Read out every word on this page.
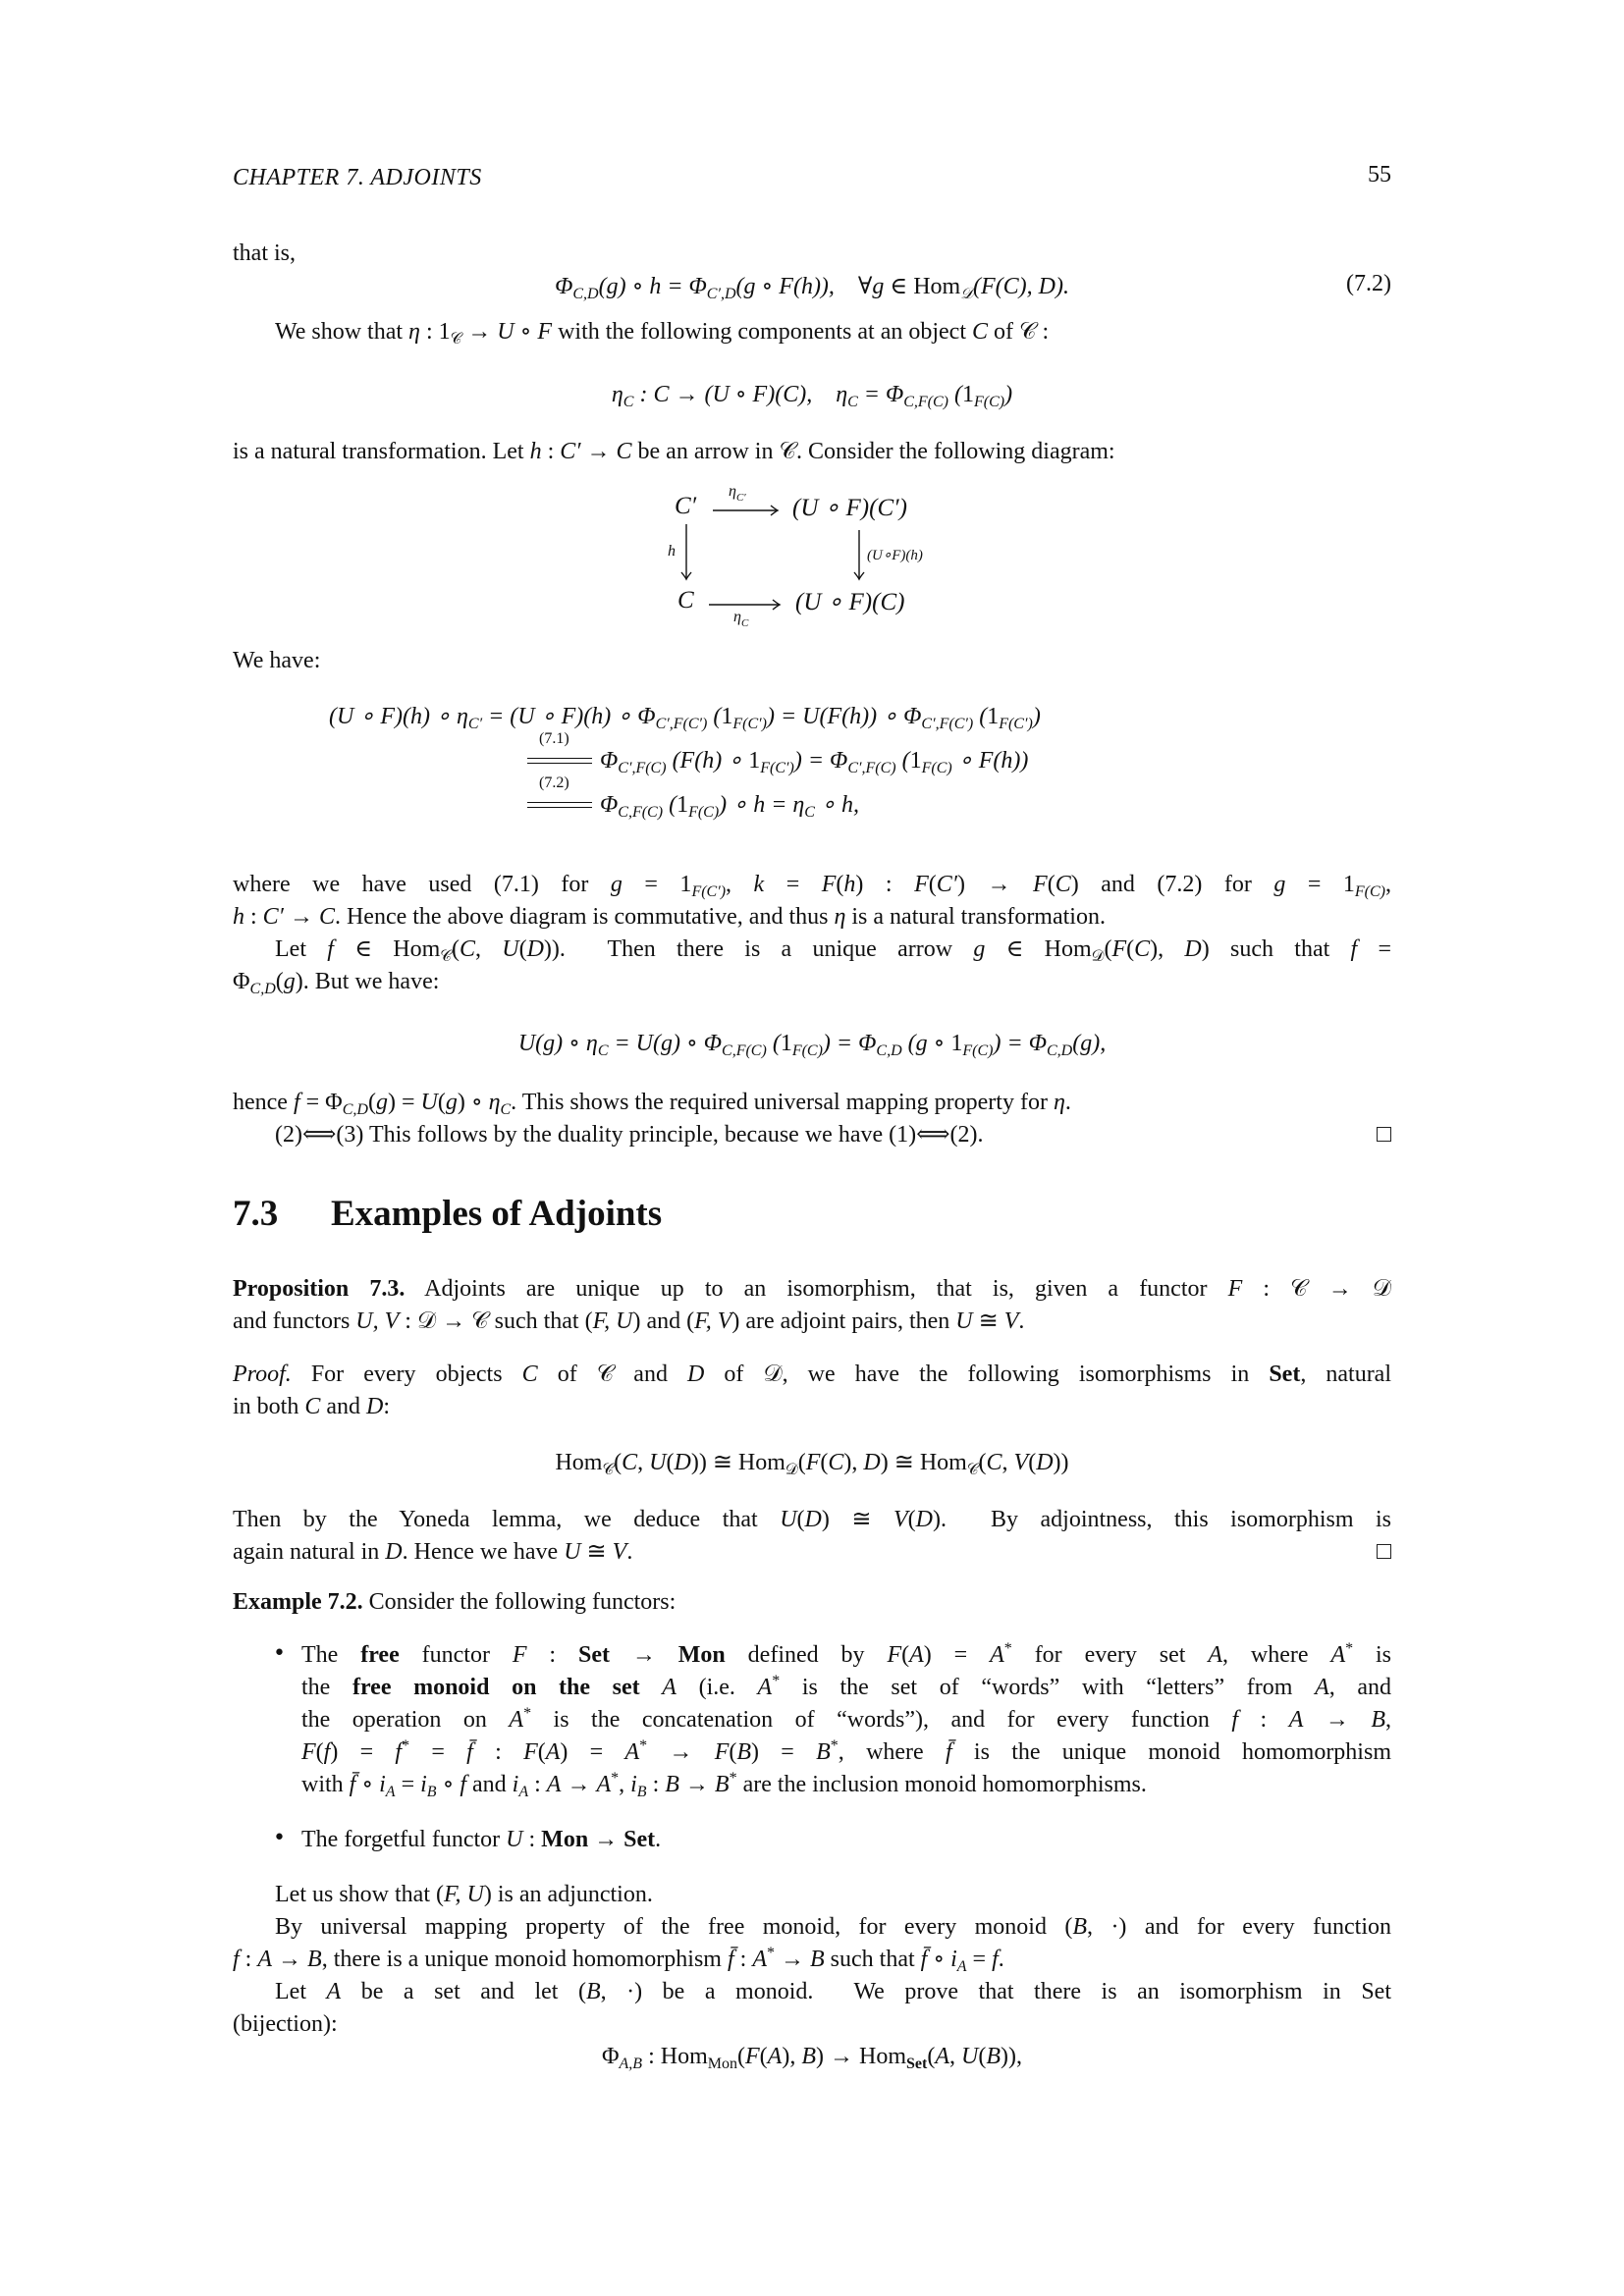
CHAPTER 7. ADJOINTS	55
that is,
$\Phi_{C,D}(g)$ ∘ $h = \Phi_{C',D}(g$ ∘ F(h)),    ∀g ∈ Hom$_𝒟$(F(C), D).	(7.2)
We show that η : $1_𝒞 \to U$ ∘ F with the following components at an object C of 𝒞 :
$\eta_C$ : C → (U ∘ F)(C),    $\eta_C = \Phi_{C,F(C)}$ $(1_{F(C)})$
is a natural transformation. Let h : C′ → C be an arrow in 𝒞. Consider the following diagram:
C′	(U ∘ F)(C′)
C	(U ∘ F)(C)
$\eta_{C'}$
$\eta_C$
h	(U∘F)(h)
We have:
(U ∘ F)(h) ∘ $\eta_{C'} = (U$ ∘ F)(h) ∘ $\Phi_{C',F(C')}$ $(1_{F(C')}) = U(F(h))$ ∘ $\Phi_{C',F(C')}$ $(1_{F(C')})$
(7.1)
$\Phi_{C',F(C)}$ (F(h) ∘ $1_{F(C')}) = \Phi_{C',F(C)}$ ($1_{F(C)}$ ∘ F(h))
(7.2)
$\Phi_{C,F(C)}$ $(1_{F(C)})$ ∘ $h = \eta_C$ ∘ h,
where we have used (7.1) for $g = 1_{F(C')}$, k = F(h) : F(C′) → F(C) and (7.2) for $g = 1_{F(C)}$,
h : C′ → C. Hence the above diagram is commutative, and thus η is a natural transformation.
Let f ∈ Hom$_𝒞$(C, U(D)).  Then there is a unique arrow g ∈ Hom$_𝒟$(F(C), D) such that f =
$\Phi_{C,D}(g)$. But we have:
U(g) ∘ $\eta_C = U(g)$ ∘ $\Phi_{C,F(C)}$ $(1_{F(C)}) = \Phi_{C,D}$ (g ∘ $1_{F(C)}) = \Phi_{C,D}(g)$,
hence $f = \Phi_{C,D}(g) = U(g)$ ∘ $\eta_C$. This shows the required universal mapping property for η.
(2)⟺(3) This follows by the duality principle, because we have (1)⟺(2).
7.3 Examples of Adjoints
Proposition 7.3. Adjoints are unique up to an isomorphism, that is, given a functor F : 𝒞 → 𝒟
and functors U, V : 𝒟 → 𝒞 such that (F, U) and (F, V) are adjoint pairs, then U ≅ V.
Proof. For every objects C of 𝒞 and D of 𝒟, we have the following isomorphisms in Set, natural
in both C and D:
Hom$_𝒞$(C, U(D)) ≅ Hom$_𝒟$(F(C), D) ≅ Hom$_𝒞$(C, V(D))
Then by the Yoneda lemma, we deduce that U(D) ≅ V(D).  By adjointness, this isomorphism is
again natural in D. Hence we have U ≅ V.
Example 7.2. Consider the following functors:
• The free functor F : Set → Mon defined by F(A) = A* for every set A, where A* is
the free monoid on the set A (i.e. A* is the set of “words” with “letters” from A, and
the operation on A* is the concatenation of “words”), and for every function f : A → B,
F(f) = f* = f̄ : F(A) = A* → F(B) = B*, where f̄ is the unique monoid homomorphism
with f̄ ∘ $i_A = i_B$ ∘ f and $i_A$ : A → A*, $i_B$ : B → B* are the inclusion monoid homomorphisms.
• The forgetful functor U : Mon → Set.
Let us show that (F, U) is an adjunction.
By universal mapping property of the free monoid, for every monoid (B, ·) and for every function
f : A → B, there is a unique monoid homomorphism f̄ : A* → B such that f̄ ∘ $i_A = f$.
Let A be a set and let (B, ·) be a monoid.  We prove that there is an isomorphism in Set
(bijection):
$\Phi_{A,B}$ : Hom$_{Mon}$(F(A), B) → Hom$_{Set}$(A, U(B)),
